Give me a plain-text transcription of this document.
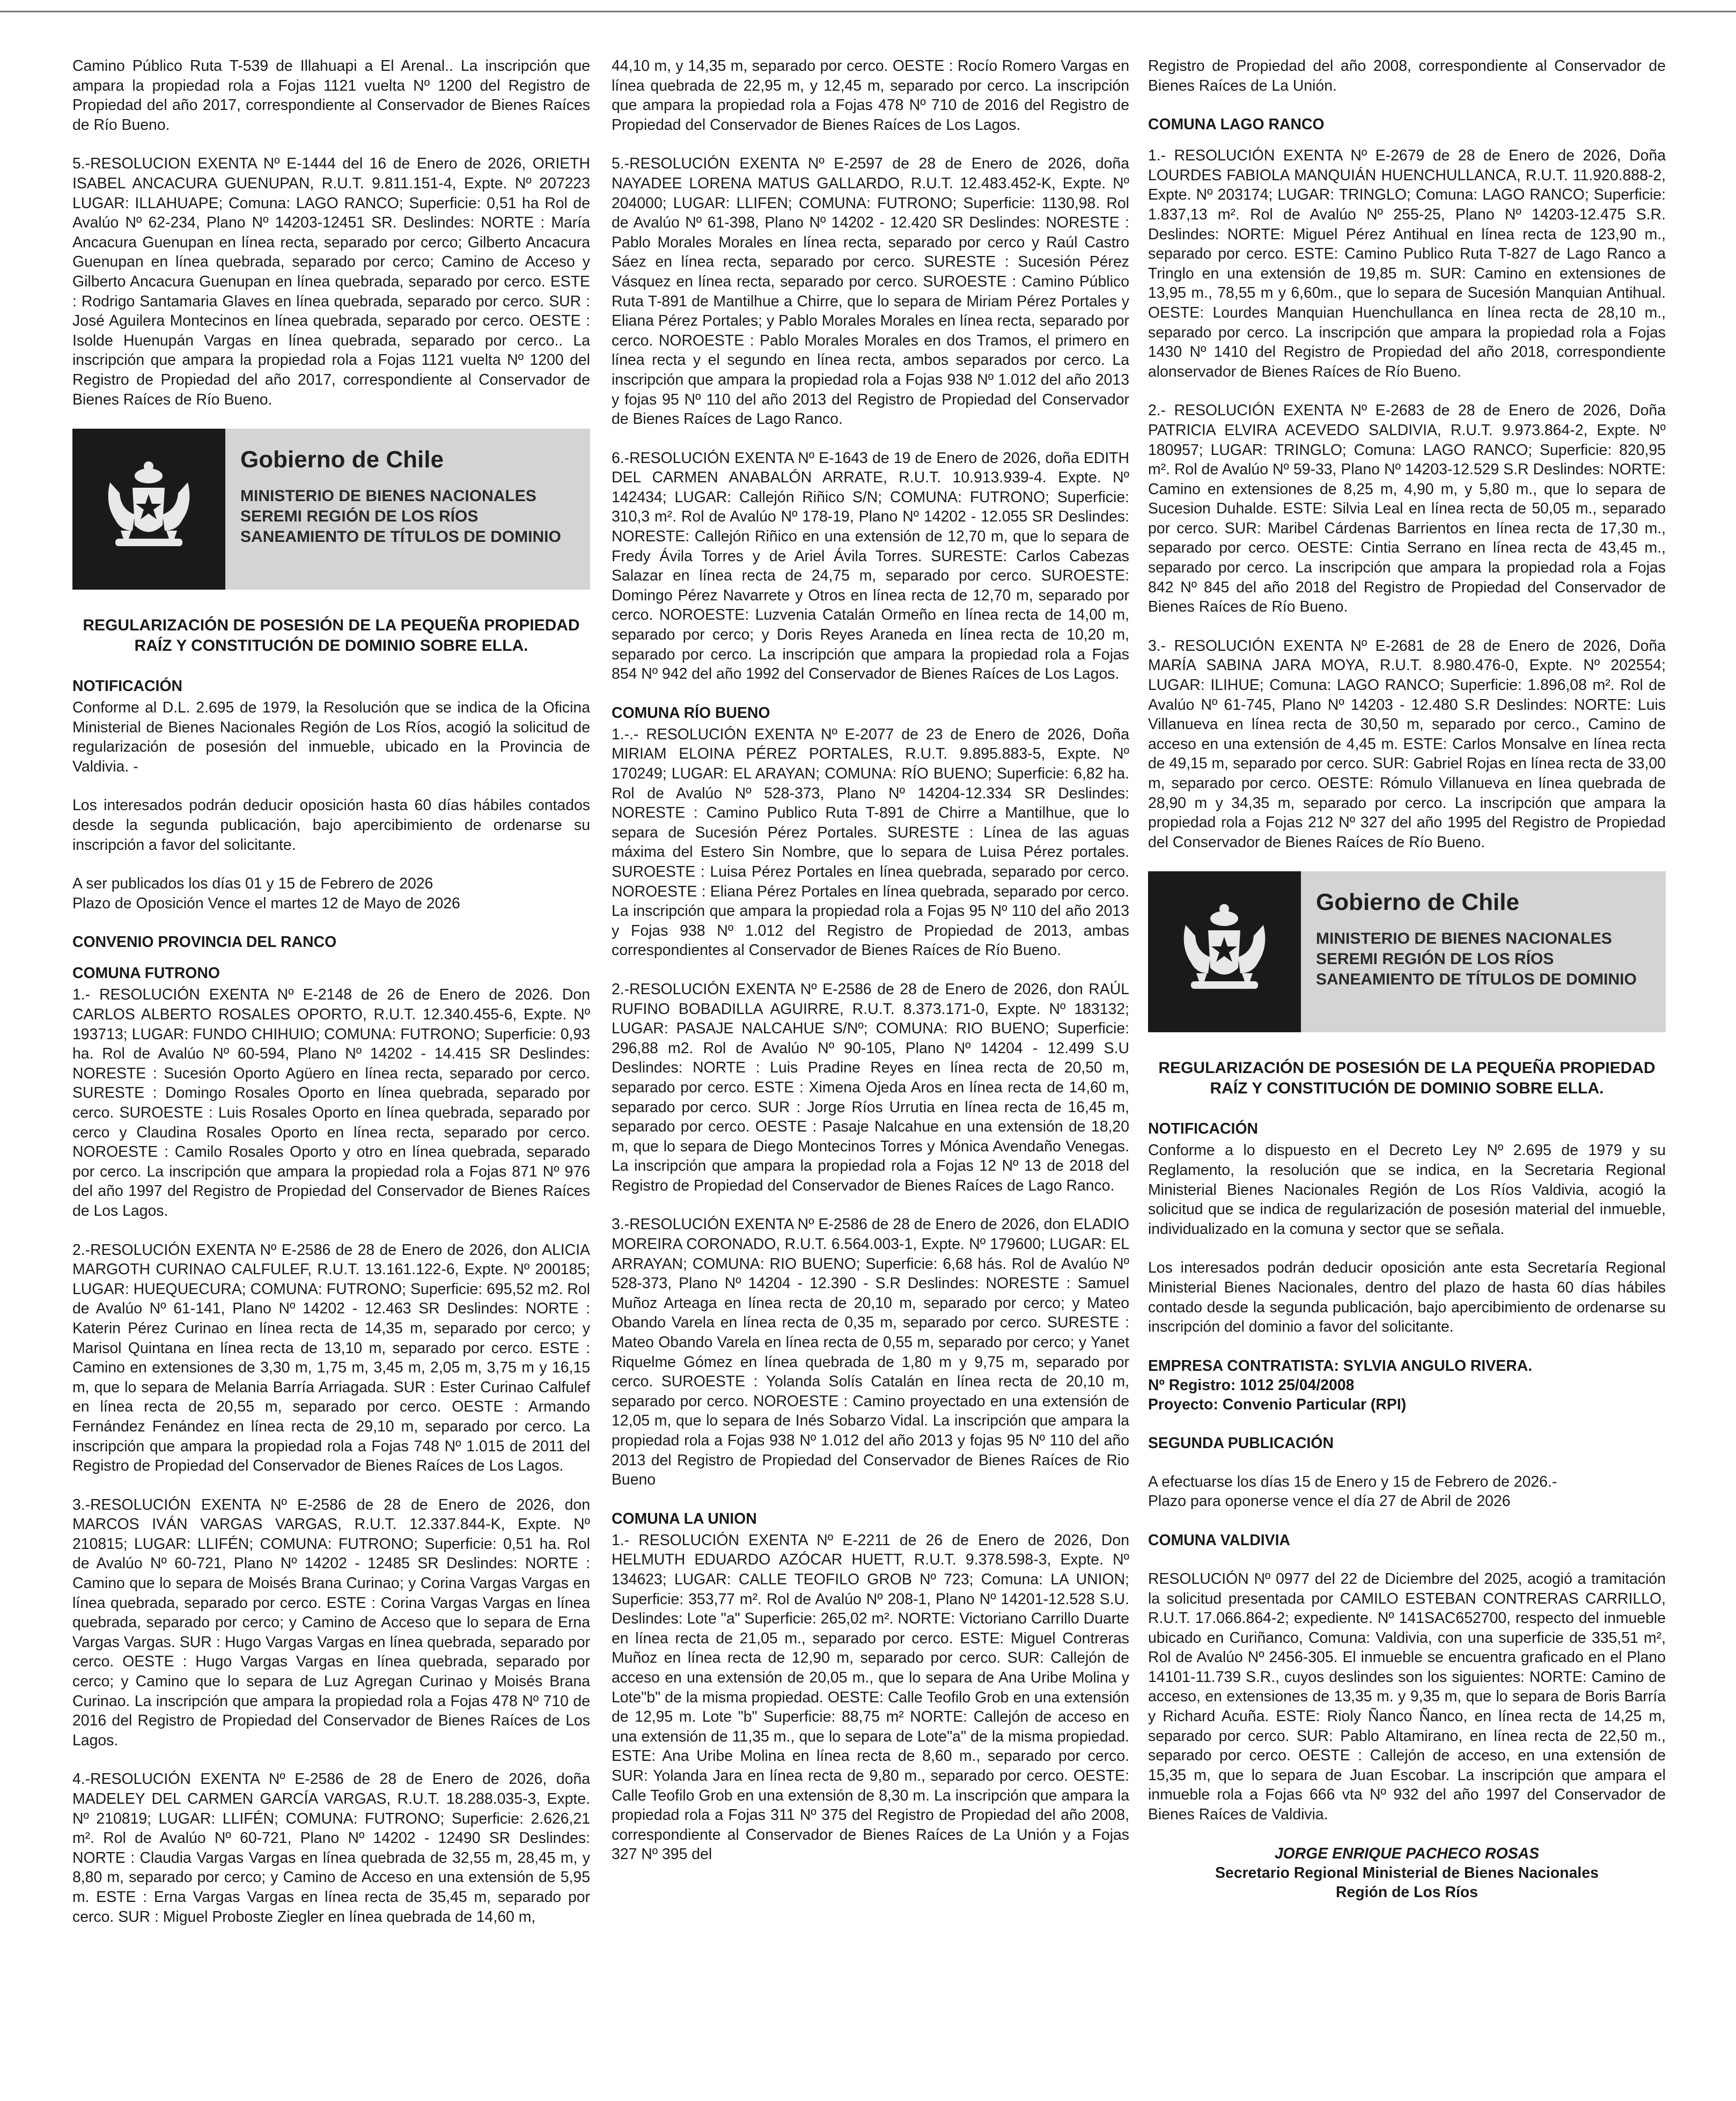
Camino Público Ruta T-539 de Illahuapi a El Arenal.. La inscripción que ampara la propiedad rola a Fojas 1121 vuelta Nº 1200 del Registro de Propiedad del año 2017, correspondiente al Conservador de Bienes Raíces de Río Bueno.

5.-RESOLUCION EXENTA Nº E-1444 del 16 de Enero de 2026, ORIETH ISABEL ANCACURA GUENUPAN, R.U.T. 9.811.151-4, Expte. Nº 207223 LUGAR: ILLAHUAPE; Comuna: LAGO RANCO; Superficie: 0,51 ha Rol de Avalúo Nº 62-234, Plano Nº 14203-12451 SR. Deslindes: NORTE : María Ancacura Guenupan en línea recta, separado por cerco; Gilberto Ancacura Guenupan en línea quebrada, separado por cerco; Camino de Acceso y Gilberto Ancacura Guenupan en línea quebrada, separado por cerco. ESTE : Rodrigo Santamaria Glaves en línea quebrada, separado por cerco. SUR : José Aguilera Montecinos en línea quebrada, separado por cerco. OESTE : Isolde Huenupán Vargas en línea quebrada, separado por cerco.. La inscripción que ampara la propiedad rola a Fojas 1121 vuelta Nº 1200 del Registro de Propiedad del año 2017, correspondiente al Conservador de Bienes Raíces de Río Bueno.

Gobierno de Chile
MINISTERIO DE BIENES NACIONALES
SEREMI REGIÓN DE LOS RÍOS
SANEAMIENTO DE TÍTULOS DE DOMINIO
REGULARIZACIÓN DE POSESIÓN DE LA PEQUEÑA PROPIEDAD RAÍZ Y CONSTITUCIÓN DE DOMINIO SOBRE ELLA.
NOTIFICACIÓN

Conforme al D.L. 2.695 de 1979, la Resolución que se indica de la Oficina Ministerial de Bienes Nacionales Región de Los Ríos, acogió la solicitud de regularización de posesión del inmueble, ubicado en la Provincia de Valdivia. -

Los interesados podrán deducir oposición hasta 60 días hábiles contados desde la segunda publicación, bajo apercibimiento de ordenarse su inscripción a favor del solicitante.

A ser publicados los días 01 y 15 de Febrero de 2026

Plazo de Oposición Vence el martes 12 de Mayo de 2026

CONVENIO PROVINCIA DEL RANCO
COMUNA FUTRONO

1.- RESOLUCIÓN EXENTA Nº E-2148 de 26 de Enero de 2026. Don CARLOS ALBERTO ROSALES OPORTO, R.U.T. 12.340.455-6, Expte. Nº 193713; LUGAR: FUNDO CHIHUIO; COMUNA: FUTRONO; Superficie: 0,93 ha. Rol de Avalúo Nº 60-594, Plano Nº 14202 - 14.415 SR Deslindes: NORESTE : Sucesión Oporto Agüero en línea recta, separado por cerco. SURESTE : Domingo Rosales Oporto en línea quebrada, separado por cerco. SUROESTE : Luis Rosales Oporto en línea quebrada, separado por cerco y Claudina Rosales Oporto en línea recta, separado por cerco. NOROESTE : Camilo Rosales Oporto y otro en línea quebrada, separado por cerco. La inscripción que ampara la propiedad rola a Fojas 871 Nº 976 del año 1997 del Registro de Propiedad del Conservador de Bienes Raíces de Los Lagos.

2.-RESOLUCIÓN EXENTA Nº E-2586 de 28 de Enero de 2026, don ALICIA MARGOTH CURINAO CALFULEF, R.U.T. 13.161.122-6, Expte. Nº 200185; LUGAR: HUEQUECURA; COMUNA: FUTRONO; Superficie: 695,52 m2. Rol de Avalúo Nº 61-141, Plano Nº 14202 - 12.463 SR Deslindes: NORTE : Katerin Pérez Curinao en línea recta de 14,35 m, separado por cerco; y Marisol Quintana en línea recta de 13,10 m, separado por cerco. ESTE : Camino en extensiones de 3,30 m, 1,75 m, 3,45 m, 2,05 m, 3,75 m y 16,15 m, que lo separa de Melania Barría Arriagada. SUR : Ester Curinao Calfulef en línea recta de 20,55 m, separado por cerco. OESTE : Armando Fernández Fenández en línea recta de 29,10 m, separado por cerco. La inscripción que ampara la propiedad rola a Fojas 748 Nº 1.015 de 2011 del Registro de Propiedad del Conservador de Bienes Raíces de Los Lagos.

3.-RESOLUCIÓN EXENTA Nº E-2586 de 28 de Enero de 2026, don MARCOS IVÁN VARGAS VARGAS, R.U.T. 12.337.844-K, Expte. Nº 210815; LUGAR: LLIFÉN; COMUNA: FUTRONO; Superficie: 0,51 ha. Rol de Avalúo Nº 60-721, Plano Nº 14202 - 12485 SR Deslindes: NORTE : Camino que lo separa de Moisés Brana Curinao; y Corina Vargas Vargas en línea quebrada, separado por cerco. ESTE : Corina Vargas Vargas en línea quebrada, separado por cerco; y Camino de Acceso que lo separa de Erna Vargas Vargas. SUR : Hugo Vargas Vargas en línea quebrada, separado por cerco. OESTE : Hugo Vargas Vargas en línea quebrada, separado por cerco; y Camino que lo separa de Luz Agregan Curinao y Moisés Brana Curinao. La inscripción que ampara la propiedad rola a Fojas 478 Nº 710 de 2016 del Registro de Propiedad del Conservador de Bienes Raíces de Los Lagos.

4.-RESOLUCIÓN EXENTA Nº E-2586 de 28 de Enero de 2026, doña MADELEY DEL CARMEN GARCÍA VARGAS, R.U.T. 18.288.035-3, Expte. Nº 210819; LUGAR: LLIFÉN; COMUNA: FUTRONO; Superficie: 2.626,21 m². Rol de Avalúo Nº 60-721, Plano Nº 14202 - 12490 SR Deslindes: NORTE : Claudia Vargas Vargas en línea quebrada de 32,55 m, 28,45 m, y 8,80 m, separado por cerco; y Camino de Acceso en una extensión de 5,95 m. ESTE : Erna Vargas Vargas en línea recta de 35,45 m, separado por cerco. SUR : Miguel Proboste Ziegler en línea quebrada de 14,60 m,

44,10 m, y 14,35 m, separado por cerco. OESTE : Rocío Romero Vargas en línea quebrada de 22,95 m, y 12,45 m, separado por cerco. La inscripción que ampara la propiedad rola a Fojas 478 Nº 710 de 2016 del Registro de Propiedad del Conservador de Bienes Raíces de Los Lagos.

5.-RESOLUCIÓN EXENTA Nº E-2597 de 28 de Enero de 2026, doña NAYADEE LORENA MATUS GALLARDO, R.U.T. 12.483.452-K, Expte. Nº 204000; LUGAR: LLIFEN; COMUNA: FUTRONO; Superficie: 1130,98. Rol de Avalúo Nº 61-398, Plano Nº 14202 - 12.420 SR Deslindes: NORESTE : Pablo Morales Morales en línea recta, separado por cerco y Raúl Castro Sáez en línea recta, separado por cerco. SURESTE : Sucesión Pérez Vásquez en línea recta, separado por cerco. SUROESTE : Camino Público Ruta T-891 de Mantilhue a Chirre, que lo separa de Miriam Pérez Portales y Eliana Pérez Portales; y Pablo Morales Morales en línea recta, separado por cerco. NOROESTE : Pablo Morales Morales en dos Tramos, el primero en línea recta y el segundo en línea recta, ambos separados por cerco. La inscripción que ampara la propiedad rola a Fojas 938 Nº 1.012 del año 2013 y fojas 95 Nº 110 del año 2013 del Registro de Propiedad del Conservador de Bienes Raíces de Lago Ranco.

6.-RESOLUCIÓN EXENTA Nº E-1643 de 19 de Enero de 2026, doña EDITH DEL CARMEN ANABALÓN ARRATE, R.U.T. 10.913.939-4. Expte. Nº 142434; LUGAR: Callejón Riñico S/N; COMUNA: FUTRONO; Superficie: 310,3 m². Rol de Avalúo Nº 178-19, Plano Nº 14202 - 12.055 SR Deslindes: NORESTE: Callejón Riñico en una extensión de 12,70 m, que lo separa de Fredy Ávila Torres y de Ariel Ávila Torres. SURESTE: Carlos Cabezas Salazar en línea recta de 24,75 m, separado por cerco. SUROESTE: Domingo Pérez Navarrete y Otros en línea recta de 12,70 m, separado por cerco. NOROESTE: Luzvenia Catalán Ormeño en línea recta de 14,00 m, separado por cerco; y Doris Reyes Araneda en línea recta de 10,20 m, separado por cerco. La inscripción que ampara la propiedad rola a Fojas 854 Nº 942 del año 1992 del Conservador de Bienes Raíces de Los Lagos.

COMUNA RÍO BUENO

1.-.- RESOLUCIÓN EXENTA Nº E-2077 de 23 de Enero de 2026, Doña MIRIAM ELOINA PÉREZ PORTALES, R.U.T. 9.895.883-5, Expte. Nº 170249; LUGAR: EL ARAYAN; COMUNA: RÍO BUENO; Superficie: 6,82 ha. Rol de Avalúo Nº 528-373, Plano Nº 14204-12.334 SR Deslindes: NORESTE : Camino Publico Ruta T-891 de Chirre a Mantilhue, que lo separa de Sucesión Pérez Portales. SURESTE : Línea de las aguas máxima del Estero Sin Nombre, que lo separa de Luisa Pérez portales. SUROESTE : Luisa Pérez Portales en línea quebrada, separado por cerco. NOROESTE : Eliana Pérez Portales en línea quebrada, separado por cerco. La inscripción que ampara la propiedad rola a Fojas 95 Nº 110 del año 2013 y Fojas 938 Nº 1.012 del Registro de Propiedad de 2013, ambas correspondientes al Conservador de Bienes Raíces de Río Bueno.

2.-RESOLUCIÓN EXENTA Nº E-2586 de 28 de Enero de 2026, don RAÚL RUFINO BOBADILLA AGUIRRE, R.U.T. 8.373.171-0, Expte. Nº 183132; LUGAR: PASAJE NALCAHUE S/Nº; COMUNA: RIO BUENO; Superficie: 296,88 m2. Rol de Avalúo Nº 90-105, Plano Nº 14204 - 12.499 S.U Deslindes: NORTE : Luis Pradine Reyes en línea recta de 20,50 m, separado por cerco. ESTE : Ximena Ojeda Aros en línea recta de 14,60 m, separado por cerco. SUR : Jorge Ríos Urrutia en línea recta de 16,45 m, separado por cerco. OESTE : Pasaje Nalcahue en una extensión de 18,20 m, que lo separa de Diego Montecinos Torres y Mónica Avendaño Venegas. La inscripción que ampara la propiedad rola a Fojas 12 Nº 13 de 2018 del Registro de Propiedad del Conservador de Bienes Raíces de Lago Ranco.

3.-RESOLUCIÓN EXENTA Nº E-2586 de 28 de Enero de 2026, don ELADIO MOREIRA CORONADO, R.U.T. 6.564.003-1, Expte. Nº 179600; LUGAR: EL ARRAYAN; COMUNA: RIO BUENO; Superficie: 6,68 hás. Rol de Avalúo Nº 528-373, Plano Nº 14204 - 12.390 - S.R Deslindes: NORESTE : Samuel Muñoz Arteaga en línea recta de 20,10 m, separado por cerco; y Mateo Obando Varela en línea recta de 0,35 m, separado por cerco. SURESTE : Mateo Obando Varela en línea recta de 0,55 m, separado por cerco; y Yanet Riquelme Gómez en línea quebrada de 1,80 m y 9,75 m, separado por cerco. SUROESTE : Yolanda Solís Catalán en línea recta de 20,10 m, separado por cerco. NOROESTE : Camino proyectado en una extensión de 12,05 m, que lo separa de Inés Sobarzo Vidal. La inscripción que ampara la propiedad rola a Fojas 938 Nº 1.012 del año 2013 y fojas 95 Nº 110 del año 2013 del Registro de Propiedad del Conservador de Bienes Raíces de Rio Bueno

COMUNA LA UNION

1.- RESOLUCIÓN EXENTA Nº E-2211 de 26 de Enero de 2026, Don HELMUTH EDUARDO AZÓCAR HUETT, R.U.T. 9.378.598-3, Expte. Nº 134623; LUGAR: CALLE TEOFILO GROB Nº 723; Comuna: LA UNION; Superficie: 353,77 m². Rol de Avalúo Nº 208-1, Plano Nº 14201-12.528 S.U. Deslindes: Lote "a" Superficie: 265,02 m². NORTE: Victoriano Carrillo Duarte en línea recta de 21,05 m., separado por cerco. ESTE: Miguel Contreras Muñoz en línea recta de 12,90 m, separado por cerco. SUR: Callejón de acceso en una extensión de 20,05 m., que lo separa de Ana Uribe Molina y Lote"b" de la misma propiedad. OESTE: Calle Teofilo Grob en una extensión de 12,95 m. Lote "b" Superficie: 88,75 m² NORTE: Callejón de acceso en una extensión de 11,35 m., que lo separa de Lote"a" de la misma propiedad. ESTE: Ana Uribe Molina en línea recta de 8,60 m., separado por cerco. SUR: Yolanda Jara en línea recta de 9,80 m., separado por cerco. OESTE: Calle Teofilo Grob en una extensión de 8,30 m. La inscripción que ampara la propiedad rola a Fojas 311 Nº 375 del Registro de Propiedad del año 2008, correspondiente al Conservador de Bienes Raíces de La Unión y a Fojas 327 Nº 395 del

Registro de Propiedad del año 2008, correspondiente al Conservador de Bienes Raíces de La Unión.

COMUNA LAGO RANCO

1.- RESOLUCIÓN EXENTA Nº E-2679 de 28 de Enero de 2026, Doña LOURDES FABIOLA MANQUIÁN HUENCHULLANCA, R.U.T. 11.920.888-2, Expte. Nº 203174; LUGAR: TRINGLO; Comuna: LAGO RANCO; Superficie: 1.837,13 m². Rol de Avalúo Nº 255-25, Plano Nº 14203-12.475 S.R. Deslindes: NORTE: Miguel Pérez Antihual en línea recta de 123,90 m., separado por cerco. ESTE: Camino Publico Ruta T-827 de Lago Ranco a Tringlo en una extensión de 19,85 m. SUR: Camino en extensiones de 13,95 m., 78,55 m y 6,60m., que lo separa de Sucesión Manquian Antihual. OESTE: Lourdes Manquian Huenchullanca en línea recta de 28,10 m., separado por cerco. La inscripción que ampara la propiedad rola a Fojas 1430 Nº 1410 del Registro de Propiedad del año 2018, correspondiente alonservador de Bienes Raíces de Río Bueno.

2.- RESOLUCIÓN EXENTA Nº E-2683 de 28 de Enero de 2026, Doña PATRICIA ELVIRA ACEVEDO SALDIVIA, R.U.T. 9.973.864-2, Expte. Nº 180957; LUGAR: TRINGLO; Comuna: LAGO RANCO; Superficie: 820,95 m². Rol de Avalúo Nº 59-33, Plano Nº 14203-12.529 S.R Deslindes: NORTE: Camino en extensiones de 8,25 m, 4,90 m, y 5,80 m., que lo separa de Sucesion Duhalde. ESTE: Silvia Leal en línea recta de 50,05 m., separado por cerco. SUR: Maribel Cárdenas Barrientos en línea recta de 17,30 m., separado por cerco. OESTE: Cintia Serrano en línea recta de 43,45 m., separado por cerco. La inscripción que ampara la propiedad rola a Fojas 842 Nº 845 del año 2018 del Registro de Propiedad del Conservador de Bienes Raíces de Río Bueno.

3.- RESOLUCIÓN EXENTA Nº E-2681 de 28 de Enero de 2026, Doña MARÍA SABINA JARA MOYA, R.U.T. 8.980.476-0, Expte. Nº 202554; LUGAR: ILIHUE; Comuna: LAGO RANCO; Superficie: 1.896,08 m². Rol de Avalúo Nº 61-745, Plano Nº 14203 - 12.480 S.R Deslindes: NORTE: Luis Villanueva en línea recta de 30,50 m, separado por cerco., Camino de acceso en una extensión de 4,45 m. ESTE: Carlos Monsalve en línea recta de 49,15 m, separado por cerco. SUR: Gabriel Rojas en línea recta de 33,00 m, separado por cerco. OESTE: Rómulo Villanueva en línea quebrada de 28,90 m y 34,35 m, separado por cerco. La inscripción que ampara la propiedad rola a Fojas 212 Nº 327 del año 1995 del Registro de Propiedad del Conservador de Bienes Raíces de Río Bueno.

Gobierno de Chile
MINISTERIO DE BIENES NACIONALES
SEREMI REGIÓN DE LOS RÍOS
SANEAMIENTO DE TÍTULOS DE DOMINIO
REGULARIZACIÓN DE POSESIÓN DE LA PEQUEÑA PROPIEDAD RAÍZ Y CONSTITUCIÓN DE DOMINIO SOBRE ELLA.
NOTIFICACIÓN

Conforme a lo dispuesto en el Decreto Ley Nº 2.695 de 1979 y su Reglamento, la resolución que se indica, en la Secretaria Regional Ministerial Bienes Nacionales Región de Los Ríos Valdivia, acogió la solicitud que se indica de regularización de posesión material del inmueble, individualizado en la comuna y sector que se señala.

Los interesados podrán deducir oposición ante esta Secretaría Regional Ministerial Bienes Nacionales, dentro del plazo de hasta 60 días hábiles contado desde la segunda publicación, bajo apercibimiento de ordenarse su inscripción del dominio a favor del solicitante.

EMPRESA CONTRATISTA: SYLVIA ANGULO RIVERA.
Nº Registro: 1012 25/04/2008
Proyecto: Convenio Particular (RPI)
SEGUNDA PUBLICACIÓN

A efectuarse los días 15 de Enero y 15 de Febrero de 2026.-

Plazo para oponerse vence el día 27 de Abril de 2026

COMUNA VALDIVIA

RESOLUCIÓN Nº 0977 del 22 de Diciembre del 2025, acogió a tramitación la solicitud presentada por CAMILO ESTEBAN CONTRERAS CARRILLO, R.U.T. 17.066.864-2; expediente. Nº 141SAC652700, respecto del inmueble ubicado en Curiñanco, Comuna: Valdivia, con una superficie de 335,51 m², Rol de Avalúo Nº 2456-305. El inmueble se encuentra graficado en el Plano 14101-11.739 S.R., cuyos deslindes son los siguientes: NORTE: Camino de acceso, en extensiones de 13,35 m. y 9,35 m, que lo separa de Boris Barría y Richard Acuña. ESTE: Rioly Ñanco Ñanco, en línea recta de 14,25 m, separado por cerco. SUR: Pablo Altamirano, en línea recta de 22,50 m., separado por cerco. OESTE : Callejón de acceso, en una extensión de 15,35 m, que lo separa de Juan Escobar. La inscripción que ampara el inmueble rola a Fojas 666 vta Nº 932 del año 1997 del Conservador de Bienes Raíces de Valdivia.

JORGE ENRIQUE PACHECO ROSAS
Secretario Regional Ministerial de Bienes Nacionales
Región de Los Ríos
